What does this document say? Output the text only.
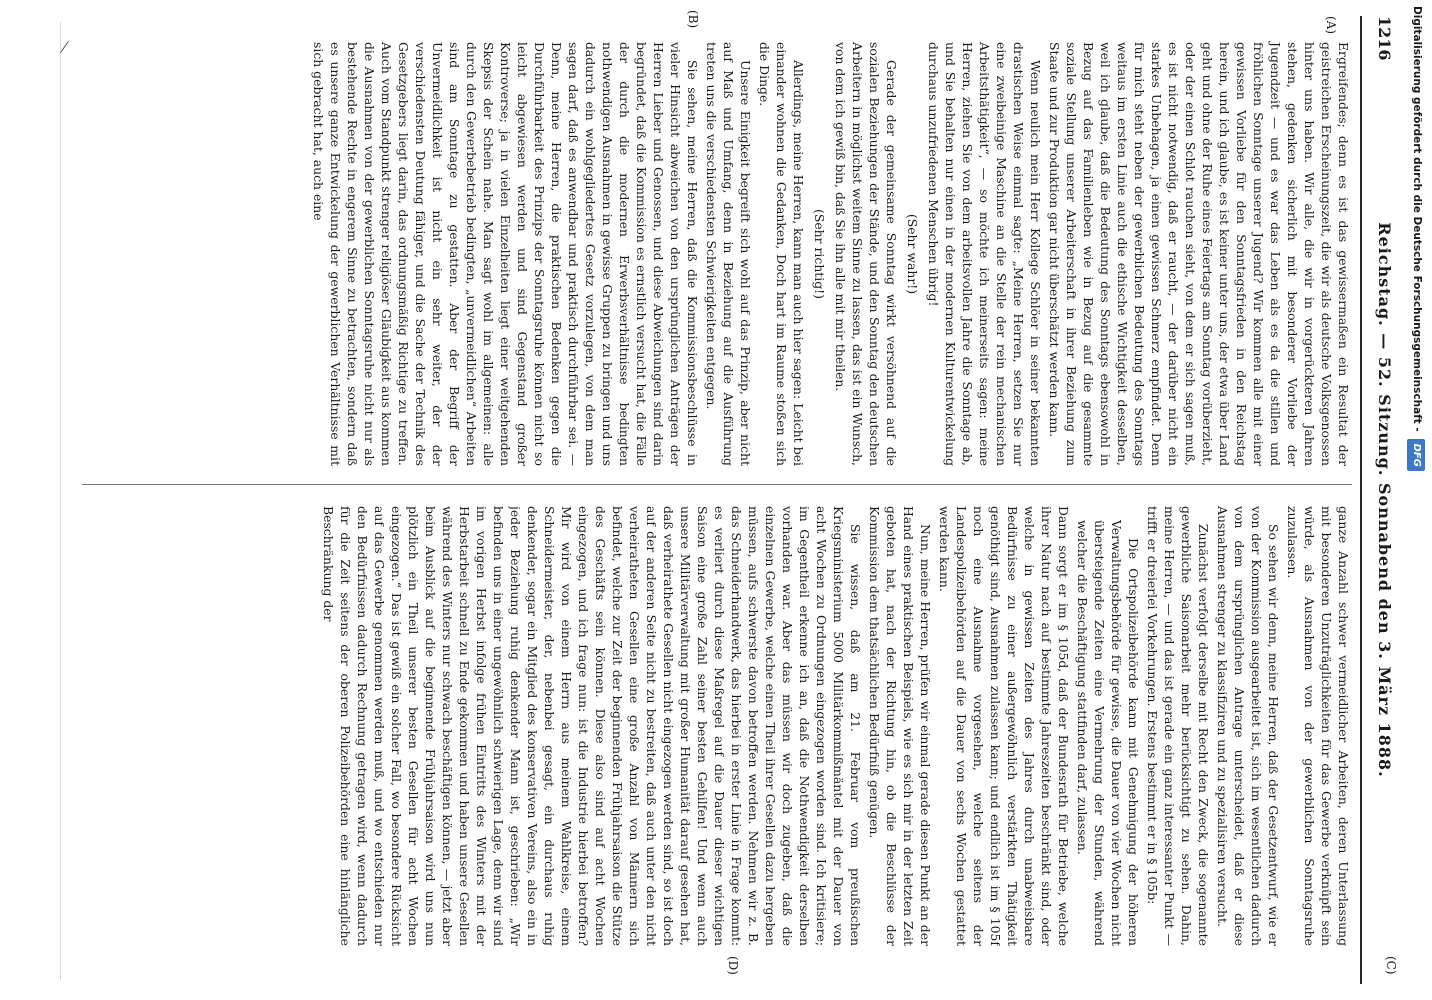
1216
Reichstag. — 52. Sitzung. Sonnabend den 3. März 1888.
(A)
(B)
(C)
(D)

Ergreifendes; denn es ist das gewissermaßen ein Resultat der geistreichen Erscheinungszeit, die wir als deutsche Volksgenossen hinter uns haben. Wir alle, die wir in vorgerückteren Jahren stehen, gedenken sicherlich mit besonderer Vorliebe der Jugendzeit — und es war das Leben als es da die stillen und fröhlichen Sonntage unserer Jugend? Wir kommen alle mit einer gewissen Vorliebe für den Sonntagsfrieden in den Reichstag herein, und ich glaube, es ist keiner unter uns, der etwa über Land geht und ohne der Ruhe eines Feiertags am Sonntag vorüberzieht, oder der einen Schlot rauchen sieht, von dem er sich sagen muß, es ist nicht notwendig, daß er raucht, — der darüber nicht ein starkes Unbehagen, ja einen gewissen Schmerz empfindet. Denn für mich steht neben der gewerblichen Bedeutung des Sonntags weitaus im ersten Linie auch die ethische Wichtigkeit desselben, weil ich glaube, daß die Bedeutung des Sonntags ebensowohl in Bezug auf das Familienleben wie in Bezug auf die gesammte soziale Stellung unserer Arbeiterschaft in ihrer Beziehung zum Staate und zur Produktion gar nicht überschätzt werden kann.

Wenn neulich mein Herr Kollege Schlöer in seiner bekannten drastischen Weise einmal sagte: „Meine Herren, setzen Sie nur eine zweibeinige Maschine an die Stelle der rein mechanischen Arbeitsthätigkeit“, — so möchte ich meinerseits sagen: meine Herren, ziehen Sie von dem arbeitsvollen Jahre die Sonntage ab, und Sie behalten nur einen in der modernen Kulturentwickelung durchaus unzufriedenen Menschen übrig!

(Sehr wahr!)

Gerade der gemeinsame Sonntag wirkt versöhnend auf die sozialen Beziehungen der Stände, und den Sonntag den deutschen Arbeitern in möglichst weitem Sinne zu lassen, das ist ein Wunsch, von dem ich gewiß bin, daß Sie ihn alle mit mir theilen.

(Sehr richtig!)

Allerdings, meine Herren, kann man auch hier sagen: Leicht bei einander wohnen die Gedanken, Doch hart im Raume stoßen sich die Dinge.

Unsere Einigkeit begreift sich wohl auf das Prinzip, aber nicht auf Maß und Umfang, denn in Beziehung auf die Ausführung treten uns die verschiedensten Schwierigkeiten entgegen.

Sie sehen, meine Herren, daß die Kommissionsbeschlüsse in vieler Hinsicht abweichen von den ursprünglichen Anträgen der Herren Lieber und Genossen, und diese Abweichungen sind darin begründet, daß die Kommission es ernstlich versucht hat, die Fälle der durch die modernen Erwerbsverhältnisse bedingten nothwendigen Ausnahmen in gewisse Gruppen zu bringen und uns dadurch ein wohlgegliedertes Gesetz vorzulegen, von dem man sagen darf, daß es anwendbar und praktisch durchführbar sei. — Denn, meine Herren, die praktischen Bedenken gegen die Durchführbarkeit des Prinzips der Sonntagsruhe können nicht so leicht abgewiesen werden und sind Gegenstand großer Kontroverse; ja in vielen Einzelheiten liegt einer weitgehenden Skepsis der Schein nahe. Man sagt wohl im allgemeinen: alle durch den Gewerbebetrieb bedingten, „unvermeidlichen“ Arbeiten sind am Sonntage zu gestatten. Aber der Begriff der Unvermeidlichkeit ist nicht ein sehr weiter, der der verschiedensten Deutung fähiger, und die Sache der Technik des Gesetzgebers liegt darin, das ordnungsmäßig Richtige zu treffen. Auch vom Standpunkt strenger religiöser Gläubigkeit aus kommen die Ausnahmen von der gewerblichen Sonntagsruhe nicht nur als bestehende Rechte in engerem Sinne zu betrachten, sondern daß es unsere ganze Entwickelung der gewerblichen Verhältnisse mit sich gebracht hat, auch eine

ganze Anzahl schwer vermeidlicher Arbeiten, deren Unterlassung mit besonderen Unzuträglichkeiten für das Gewerbe verknüpft sein würde, als Ausnahmen von der gewerblichen Sonntagsruhe zuzulassen.

So sehen wir denn, meine Herren, daß der Gesetzentwurf, wie er von der Kommission ausgearbeitet ist, sich im wesentlichen dadurch von dem ursprünglichen Antrage unterscheidet, daß er diese Ausnahmen strenger zu klassifiziren und zu spezialisiren versucht.

Zunächst verfolgt derselbe mit Recht den Zweck, die sogenannte gewerbliche Saisonarbeit mehr berücksichtigt zu sehen. Dahin, meine Herren, — und das ist gerade ein ganz interessanter Punkt — trifft er dreierlei Vorkehrungen. Erstens bestimmt er in § 105b:

Die Ortspolizeibehörde kann mit Genehmigung der höheren Verwaltungsbehörde für gewisse, die Dauer von vier Wochen nicht übersteigende Zeiten eine Vermehrung der Stunden, während welcher die Beschäftigung stattfinden darf, zulassen.

Dann sorgt er im § 105d, daß der Bundesrath für Betriebe, welche ihrer Natur nach auf bestimmte Jahreszeiten beschränkt sind, oder welche in gewissen Zeiten des Jahres durch unabweisbare Bedürfnisse zu einer außergewöhnlich verstärkten Thätigkeit genöthigt sind, Ausnahmen zulassen kann; und endlich ist im § 105f noch eine Ausnahme vorgesehen, welche seitens der Landespolizeibehörden auf die Dauer von sechs Wochen gestattet werden kann.

Nun, meine Herren, prüfen wir einmal gerade diesen Punkt an der Hand eines praktischen Beispiels, wie es sich mir in der letzten Zeit geboten hat, nach der Richtung hin, ob die Beschlüsse der Kommission dem thatsächlichen Bedürfniß genügen.

Sie wissen, daß am 21. Februar vom preußischen Kriegsministerium 5000 Militärkommißmäntel mit der Dauer von acht Wochen zu Ordnungen eingezogen worden sind. Ich kritisiere; im Gegentheil erkenne ich an, daß die Nothwendigkeit derselben vorhanden war. Aber das müssen wir doch zugeben, daß die einzelnen Gewerbe, welche einen Theil ihrer Gesellen dazu hergeben müssen, aufs schwerste davon betroffen werden. Nehmen wir z. B. das Schneiderhandwerk, das hierbei in erster Linie in Frage kommt: es verliert durch diese Maßregel auf die Dauer dieser wichtigen Saison eine große Zahl seiner besten Gehilfen! Und wenn auch unsere Militärverwaltung mit großer Humanität darauf gesehen hat, daß verheirathete Gesellen nicht eingezogen werden sind, so ist doch auf der anderen Seite nicht zu bestreiten, daß auch unter den nicht verheiratheten Gesellen eine große Anzahl von Männern sich befindet, welche zur Zeit der beginnenden Frühjahrsaison die Stütze des Geschäfts sein können. Diese also sind auf acht Wochen eingezogen, und ich frage nun: ist die Industrie hierbei betroffen? Mir wird von einem Herrn aus meinem Wahlkreise, einem Schneidermeister, der, nebenbei gesagt, ein durchaus ruhig denkender, sogar ein Mitglied des konservativen Vereins, also ein in jeder Beziehung ruhig denkender Mann ist, geschrieben: „Wir befinden uns in einer ungewöhnlich schwierigen Lage, denn wir sind im vorigen Herbst infolge frühen Eintritts des Winters mit der Herbstarbeit schnell zu Ende gekommen und haben unsere Gesellen während des Winters nur schwach beschäftigen können, — jetzt aber beim Ausblick auf die beginnende Frühjahrsaison wird uns nun plötzlich ein Theil unserer besten Gesellen für acht Wochen eingezogen.“ Das ist gewiß ein solcher Fall, wo besondere Rücksicht auf das Gewerbe genommen werden muß, und wo entschieden nur den Bedürfnissen dadurch Rechnung getragen wird, wenn dadurch für die Zeit seitens der oberen Polizeibehörden eine hinlängliche Beschränkung der

Digitalisierung gefördert durch die Deutsche Forschungsgemeinschaft - DFG
